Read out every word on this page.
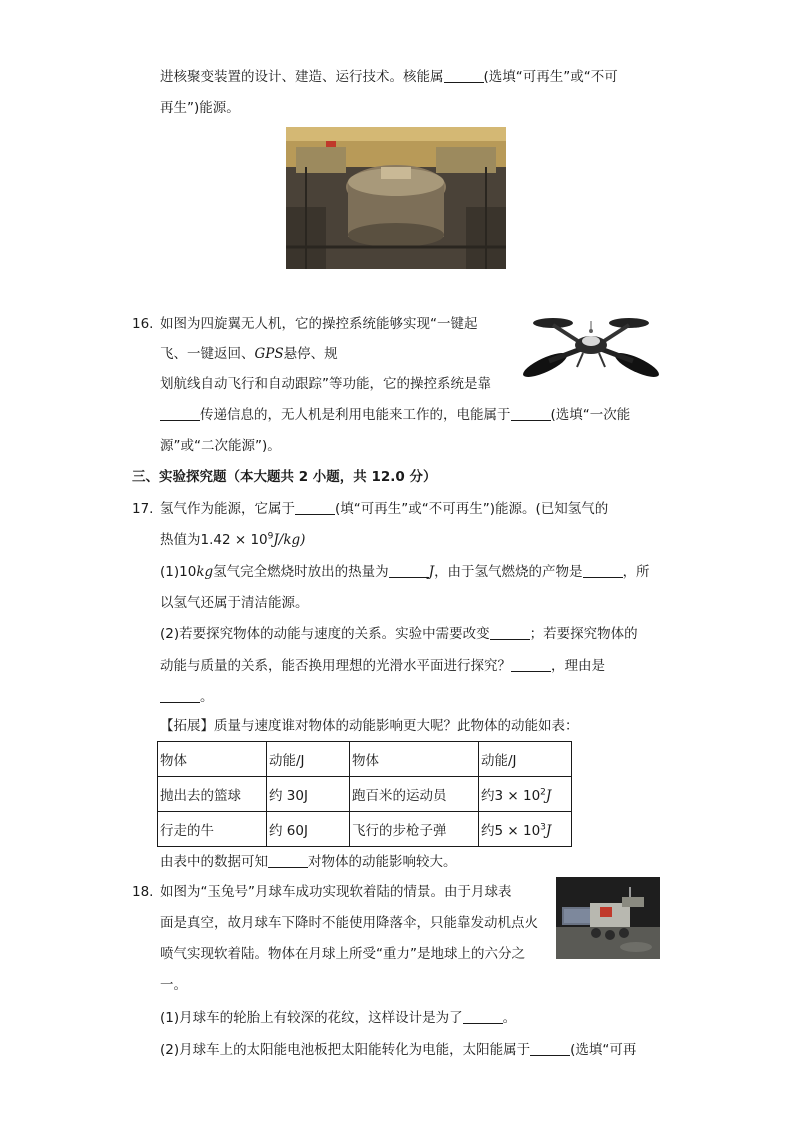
进核聚变装置的设计、建造、运行技术。核能属	(选填“可再生”或“不可
再生”)能源。
16. 如图为四旋翼无人机，它的操控系统能够实现“一键起
飞、一键返回、GPS悬停、规
划航线自动飞行和自动跟踪”等功能，它的操控系统是靠
传递信息的，无人机是利用电能来工作的，电能属于	(选填“一次能
源”或“二次能源”)。
三、实验探究题（本大题共 2 小题，共 12.0 分）
17. 氢气作为能源，它属于	(填“可再生”或“不可再生”)能源。(已知氢气的
热值为$1.42 \times 10^9J/kg$)
(1)10kg氢气完全燃烧时放出的热量为	J，由于氢气燃烧的产物是	，所
以氢气还属于清洁能源。
(2)若要探究物体的动能与速度的关系。实验中需要改变	；若要探究物体的
动能与质量的关系，能否换用理想的光滑水平面进行探究？	，理由是
。
【拓展】质量与速度谁对物体的动能影响更大呢？此物体的动能如表：
物体	动能/J	物体	动能/J
抛出去的篮球	约 30J	跑百米的运动员	约$3 \times 10^2J$
行走的牛	约 60J	飞行的步枪子弹	约$5 \times 10^3J$
由表中的数据可知	对物体的动能影响较大。
18. 如图为“玉兔号”月球车成功实现软着陆的情景。由于月球表
面是真空，故月球车下降时不能使用降落伞，只能靠发动机点火
喷气实现软着陆。物体在月球上所受“重力”是地球上的六分之
一。
(1)月球车的轮胎上有较深的花纹，这样设计是为了	。
(2)月球车上的太阳能电池板把太阳能转化为电能，太阳能属于	(选填“可再
